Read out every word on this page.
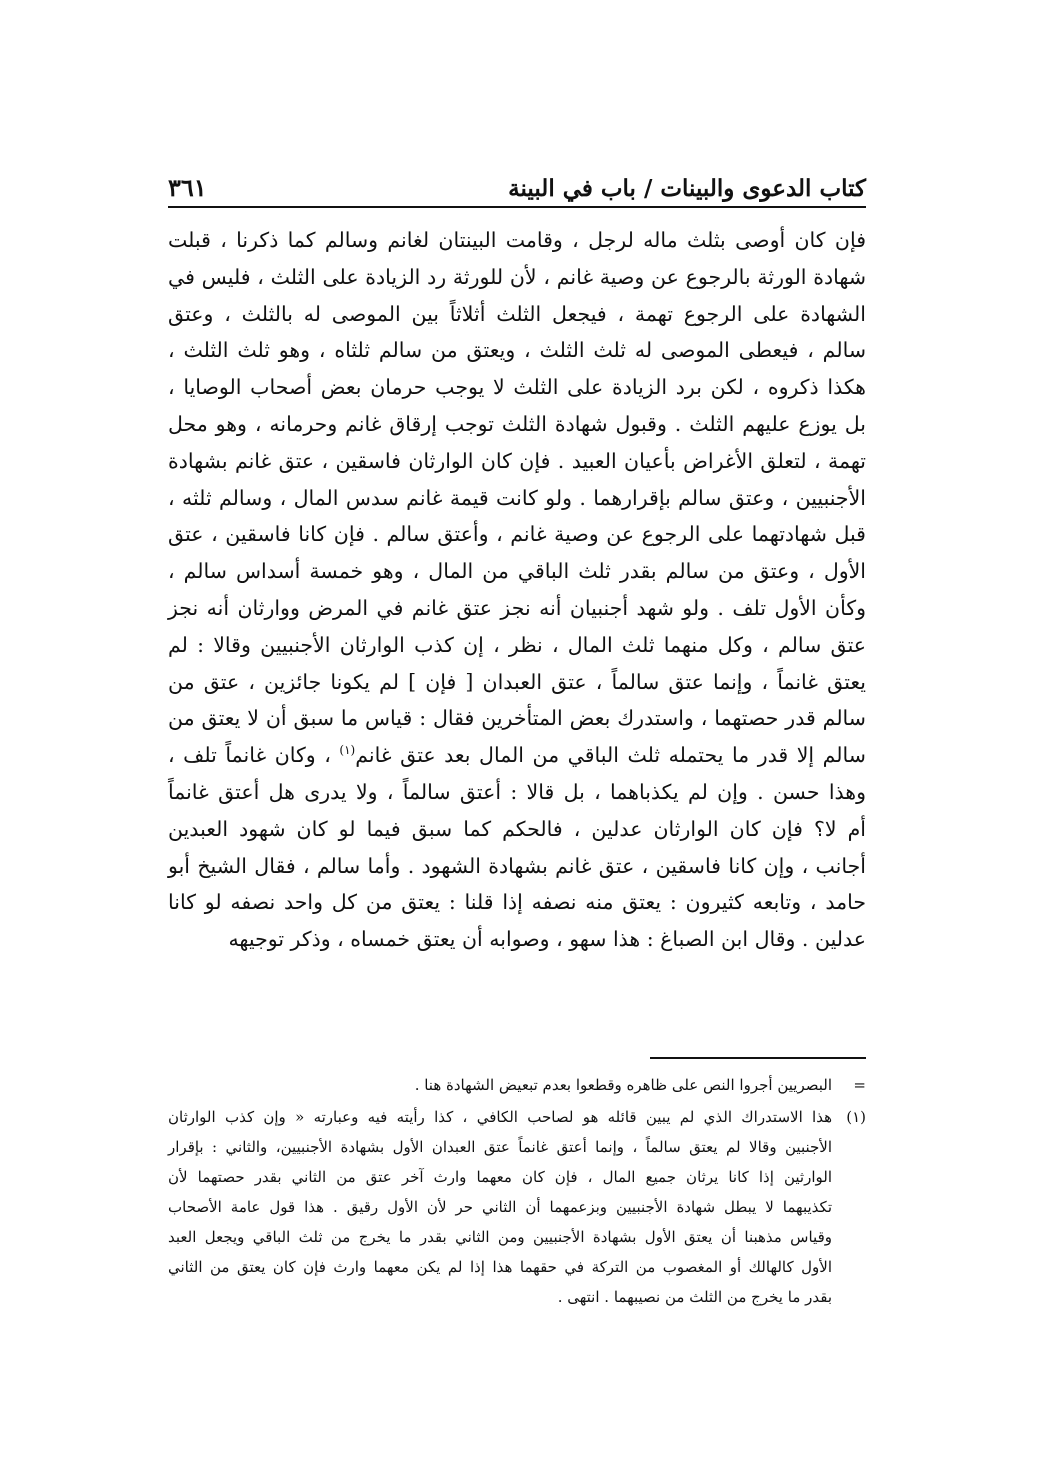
كتاب الدعوى والبينات / باب في البينة
٣٦١
فإن كان أوصى بثلث ماله لرجل ، وقامت البينتان لغانم وسالم كما ذكرنا ، قبلت
شهادة الورثة بالرجوع عن وصية غانم ، لأن للورثة رد الزيادة على الثلث ، فليس في
الشهادة على الرجوع تهمة ، فيجعل الثلث أثلاثاً بين الموصى له بالثلث ، وعتق
سالم ، فيعطى الموصى له ثلث الثلث ، ويعتق من سالم ثلثاه ، وهو ثلث الثلث ،
هكذا ذكروه ، لكن برد الزيادة على الثلث لا يوجب حرمان بعض أصحاب الوصايا ،
بل يوزع عليهم الثلث . وقبول شهادة الثلث توجب إرقاق غانم وحرمانه ، وهو محل
تهمة ، لتعلق الأغراض بأعيان العبيد . فإن كان الوارثان فاسقين ، عتق غانم بشهادة
الأجنبيين ، وعتق سالم بإقرارهما . ولو كانت قيمة غانم سدس المال ، وسالم ثلثه ،
قبل شهادتهما على الرجوع عن وصية غانم ، وأعتق سالم . فإن كانا فاسقين ، عتق
الأول ، وعتق من سالم بقدر ثلث الباقي من المال ، وهو خمسة أسداس سالم ،
وكأن الأول تلف . ولو شهد أجنبيان أنه نجز عتق غانم في المرض ووارثان أنه نجز
عتق سالم ، وكل منهما ثلث المال ، نظر ، إن كذب الوارثان الأجنبيين وقالا : لم
يعتق غانماً ، وإنما عتق سالماً ، عتق العبدان [ فإن ] لم يكونا جائزين ، عتق من
سالم قدر حصتهما ، واستدرك بعض المتأخرين فقال : قياس ما سبق أن لا يعتق من
سالم إلا قدر ما يحتمله ثلث الباقي من المال بعد عتق غانم$^{(١)}$ ، وكان غانماً تلف ،
وهذا حسن . وإن لم يكذباهما ، بل قالا : أعتق سالماً ، ولا يدرى هل أعتق غانماً
أم لا؟ فإن كان الوارثان عدلين ، فالحكم كما سبق فيما لو كان شهود العبدين
أجانب ، وإن كانا فاسقين ، عتق غانم بشهادة الشهود . وأما سالم ، فقال الشيخ أبو
حامد ، وتابعه كثيرون : يعتق منه نصفه إذا قلنا : يعتق من كل واحد نصفه لو كانا
عدلين . وقال ابن الصباغ : هذا سهو ، وصوابه أن يعتق خمساه ، وذكر توجيهه
=
البصريين أجروا النص على ظاهره وقطعوا بعدم تبعيض الشهادة هنا .
(١)
هذا الاستدراك الذي لم يبين قائله هو لصاحب الكافي ، كذا رأيته فيه وعبارته « وإن كذب الوارثان
الأجنبين وقالا لم يعتق سالماً ، وإنما أعتق غانماً عتق العبدان الأول بشهادة الأجنبيين، والثاني : بإقرار
الوارثين إذا كانا يرثان جميع المال ، فإن كان معهما وارث آخر عتق من الثاني بقدر حصتهما لأن
تكذيبهما لا يبطل شهادة الأجنبيين وبزعمهما أن الثاني حر لأن الأول رقيق . هذا قول عامة الأصحاب
وقياس مذهبنا أن يعتق الأول بشهادة الأجنبيين ومن الثاني بقدر ما يخرج من ثلث الباقي ويجعل العبد
الأول كالهالك أو المغصوب من التركة في حقهما هذا إذا لم يكن معهما وارث فإن كان يعتق من الثاني
بقدر ما يخرج من الثلث من نصيبهما . انتهى .
